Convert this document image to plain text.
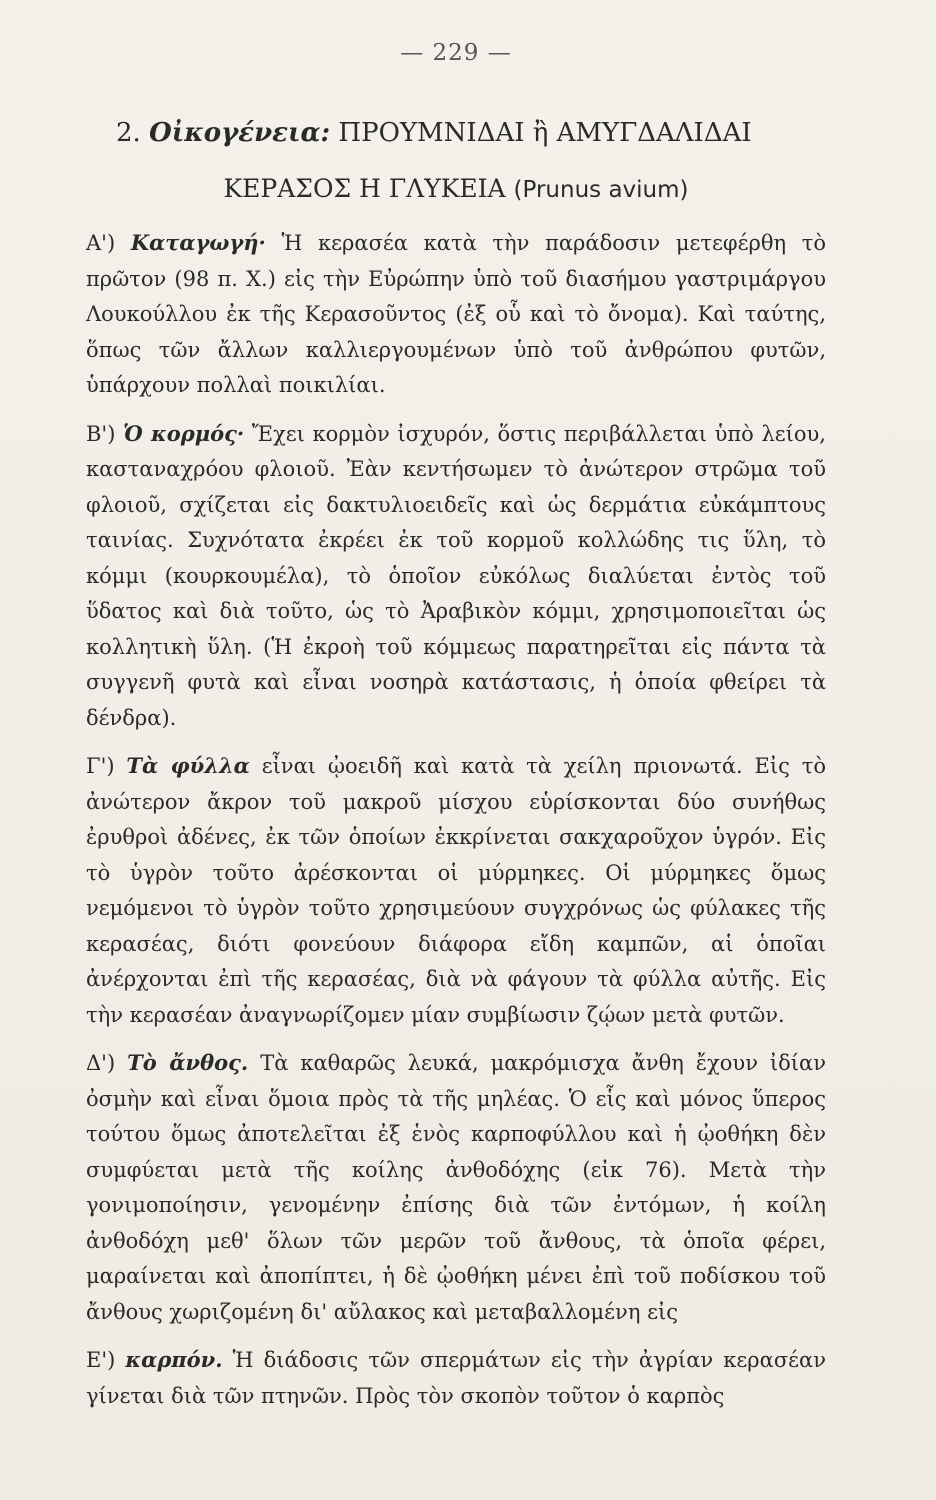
— 229 —
2. Οἰκογένεια: ΠΡΟΥΜΝΙΔΑΙ ἢ ΑΜΥΓΔΑΛΙΔΑΙ
ΚΕΡΑΣΟΣ Η ΓΛΥΚΕΙΑ (Prunus avium)

Α') Καταγωγή· Ἡ κερασέα κατὰ τὴν παράδοσιν μετεφέρθη τὸ πρῶτον (98 π. Χ.) εἰς τὴν Εὐρώπην ὑπὸ τοῦ διασήμου γαστριμάργου Λουκούλλου ἐκ τῆς Κερασοῦντος (ἐξ οὗ καὶ τὸ ὄνομα). Καὶ ταύτης, ὅπως τῶν ἄλλων καλλιεργουμένων ὑπὸ τοῦ ἀνθρώπου φυτῶν, ὑπάρχουν πολλαὶ ποικιλίαι.

Β') Ὁ κορμός· Ἔχει κορμὸν ἰσχυρόν, ὅστις περιβάλλεται ὑπὸ λείου, κασταναχρόου φλοιοῦ. Ἐὰν κεντήσωμεν τὸ ἀνώτερον στρῶμα τοῦ φλοιοῦ, σχίζεται εἰς δακτυλιοειδεῖς καὶ ὡς δερμάτια εὐκάμπτους ταινίας. Συχνότατα ἐκρέει ἐκ τοῦ κορμοῦ κολλώδης τις ὕλη, τὸ κόμμι (κουρκουμέλα), τὸ ὁποῖον εὐκόλως διαλύεται ἐντὸς τοῦ ὕδατος καὶ διὰ τοῦτο, ὡς τὸ Ἀραβικὸν κόμμι, χρησιμοποιεῖται ὡς κολλητικὴ ὕλη. (Ἡ ἐκροὴ τοῦ κόμμεως παρατηρεῖται εἰς πάντα τὰ συγγενῆ φυτὰ καὶ εἶναι νοσηρὰ κατάστασις, ἡ ὁποία φθείρει τὰ δένδρα).

Γ') Τὰ φύλλα εἶναι ᾠοειδῆ καὶ κατὰ τὰ χείλη πριονωτά. Εἰς τὸ ἀνώτερον ἄκρον τοῦ μακροῦ μίσχου εὑρίσκονται δύο συνήθως ἐρυθροὶ ἀδένες, ἐκ τῶν ὁποίων ἐκκρίνεται σακχαροῦχον ὑγρόν. Εἰς τὸ ὑγρὸν τοῦτο ἀρέσκονται οἱ μύρμηκες. Οἱ μύρμηκες ὅμως νεμόμενοι τὸ ὑγρὸν τοῦτο χρησιμεύουν συγχρόνως ὡς φύλακες τῆς κερασέας, διότι φονεύουν διάφορα εἴδη καμπῶν, αἱ ὁποῖαι ἀνέρχονται ἐπὶ τῆς κερασέας, διὰ νὰ φάγουν τὰ φύλλα αὐτῆς. Εἰς τὴν κερασέαν ἀναγνωρίζομεν μίαν συμβίωσιν ζῴων μετὰ φυτῶν.

Δ') Τὸ ἄνθος. Τὰ καθαρῶς λευκά, μακρόμισχα ἄνθη ἔχουν ἰδίαν ὀσμὴν καὶ εἶναι ὅμοια πρὸς τὰ τῆς μηλέας. Ὁ εἷς καὶ μόνος ὕπερος τούτου ὅμως ἀποτελεῖται ἐξ ἑνὸς καρποφύλλου καὶ ἡ ᾠοθήκη δὲν συμφύεται μετὰ τῆς κοίλης ἀνθοδόχης (εἰκ 76). Μετὰ τὴν γονιμοποίησιν, γενομένην ἐπίσης διὰ τῶν ἐντόμων, ἡ κοίλη ἀνθοδόχη μεθ' ὅλων τῶν μερῶν τοῦ ἄνθους, τὰ ὁποῖα φέρει, μαραίνεται καὶ ἀποπίπτει, ἡ δὲ ᾠοθήκη μένει ἐπὶ τοῦ ποδίσκου τοῦ ἄνθους χωριζομένη δι' αὔλακος καὶ μεταβαλλομένη εἰς

Ε') καρπόν. Ἡ διάδοσις τῶν σπερμάτων εἰς τὴν ἀγρίαν κερασέαν γίνεται διὰ τῶν πτηνῶν. Πρὸς τὸν σκοπὸν τοῦτον ὁ καρπὸς
